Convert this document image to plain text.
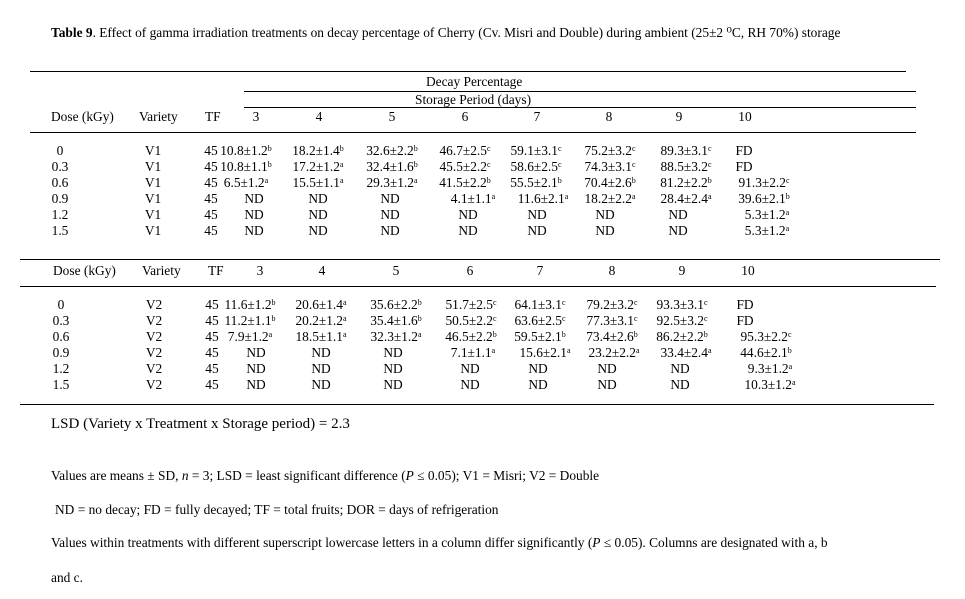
Table 9. Effect of gamma irradiation treatments on decay percentage of Cherry (Cv. Misri and Double) during ambient (25±2 ⁰C, RH 70%) storage
Decay Percentage
Storage Period (days)
Dose (kGy) Variety TF	3	4	5	6	7	8	9	10
Dose (kGy) Variety TF	3	4	5	6	7	8	9	10
0	V1	45 10.8±1.2$^b$	18.2±1.4$^b$	32.6±2.2$^b$	46.7±2.5$^c$	59.1±3.1$^c$	75.2±3.2$^c$	89.3±3.1$^c$	FD
0.3	V1	45 10.8±1.1$^b$	17.2±1.2$^a$	32.4±1.6$^b$	45.5±2.2$^c$	58.6±2.5$^c$	74.3±3.1$^c$	88.5±3.2$^c$	FD
0.6	V1	45 6.5±1.2$^a$	15.5±1.1$^a$	29.3±1.2$^a$	41.5±2.2$^b$	55.5±2.1$^b$	70.4±2.6$^b$	81.2±2.2$^b$	91.3±2.2$^c$
0.9	V1	45	ND	ND	ND	4.1±1.1$^a$	11.6±2.1$^a$	18.2±2.2$^a$	28.4±2.4$^a$	39.6±2.1$^b$
1.2	V1	45	ND	ND	ND	ND	ND	ND	ND	5.3±1.2$^a$
1.5	V1	45	ND	ND	ND	ND	ND	ND	ND	5.3±1.2$^a$
0	V2	45 11.6±1.2$^b$	20.6±1.4$^a$	35.6±2.2$^b$	51.7±2.5$^c$	64.1±3.1$^c$	79.2±3.2$^c$	93.3±3.1$^c$	FD
0.3	V2	45 11.2±1.1$^b$	20.2±1.2$^a$	35.4±1.6$^b$	50.5±2.2$^c$	63.6±2.5$^c$	77.3±3.1$^c$	92.5±3.2$^c$	FD
0.6	V2	45 7.9±1.2$^a$	18.5±1.1$^a$	32.3±1.2$^a$	46.5±2.2$^b$	59.5±2.1$^b$	73.4±2.6$^b$	86.2±2.2$^b$	95.3±2.2$^c$
0.9	V2	45	ND	ND	ND	7.1±1.1$^a$	15.6±2.1$^a$	23.2±2.2$^a$	33.4±2.4$^a$	44.6±2.1$^b$
1.2	V2	45	ND	ND	ND	ND	ND	ND	ND	9.3±1.2$^a$
1.5	V2	45	ND	ND	ND	ND	ND	ND	ND	10.3±1.2$^a$
LSD (Variety x Treatment x Storage period) = 2.3
Values are means ± SD, n = 3; LSD = least significant difference (P ≤ 0.05); V1 = Misri; V2 = Double
ND = no decay; FD = fully decayed; TF = total fruits; DOR = days of refrigeration
Values within treatments with different superscript lowercase letters in a column differ significantly (P ≤ 0.05). Columns are designated with a, b
and c.
